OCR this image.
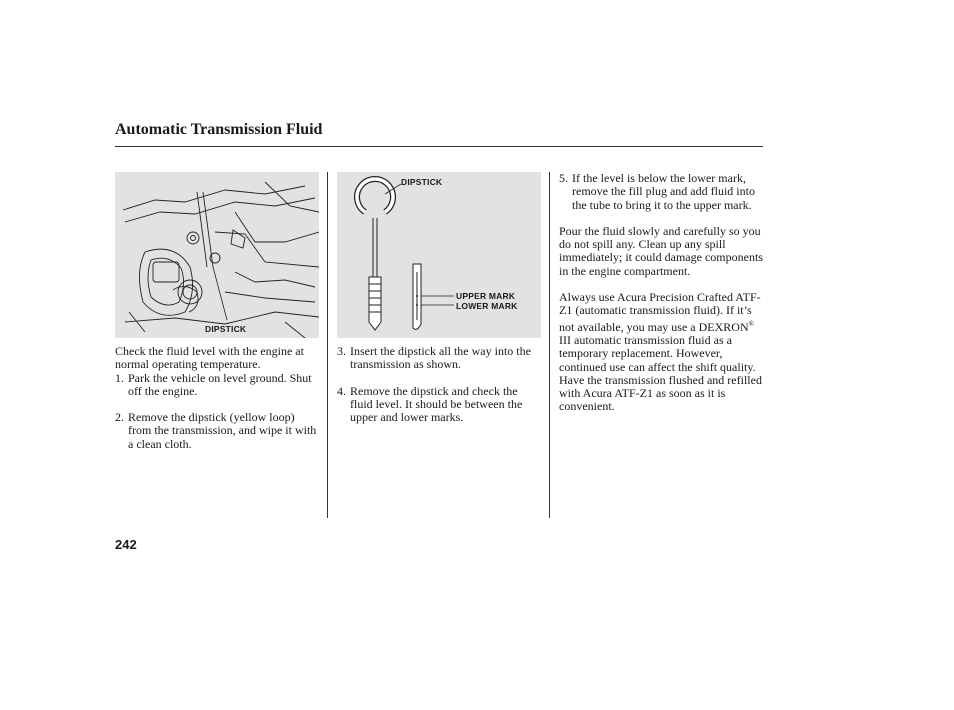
Automatic Transmission Fluid
DIPSTICK
DIPSTICK
UPPER MARK
LOWER MARK

Check the fluid level with the engine at normal operating temperature.

1. Park the vehicle on level ground. Shut off the engine.
2. Remove the dipstick (yellow loop) from the transmission, and wipe it with a clean cloth.
3. Insert the dipstick all the way into the transmission as shown.
4. Remove the dipstick and check the fluid level. It should be between the upper and lower marks.
5. If the level is below the lower mark, remove the fill plug and add fluid into the tube to bring it to the upper mark.

Pour the fluid slowly and carefully so you do not spill any. Clean up any spill immediately; it could damage components in the engine compartment.

Always use Acura Precision Crafted ATF-Z1 (automatic transmission fluid). If it’s not available, you may use a DEXRON® III automatic transmission fluid as a temporary replacement. However, continued use can affect the shift quality. Have the transmission flushed and refilled with Acura ATF-Z1 as soon as it is convenient.

242
